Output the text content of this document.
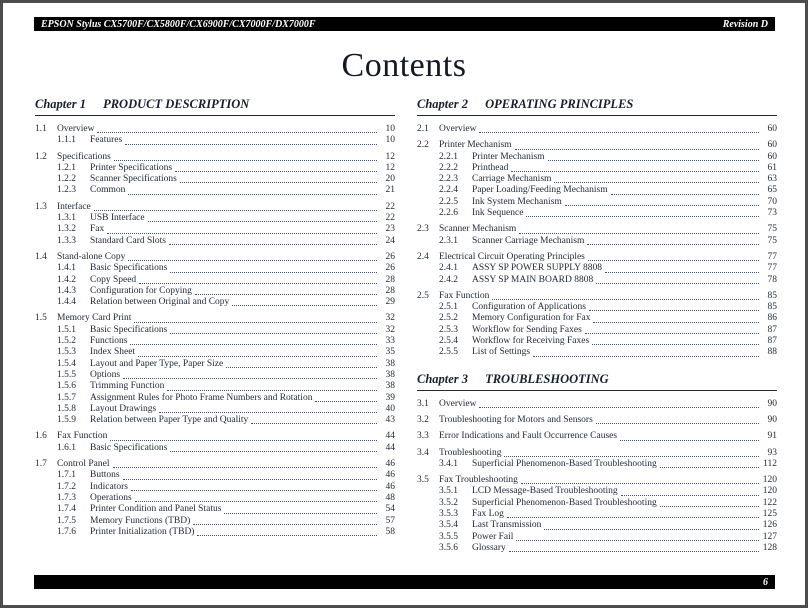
EPSON Stylus CX5700F/CX5800F/CX6900F/CX7000F/DX7000F	Revision D
Contents
Chapter 1 PRODUCT DESCRIPTION
1.1	Overview	10
1.1.1	Features	10
1.2	Specifications	12
1.2.1	Printer Specifications	12
1.2.2	Scanner Specifications	20
1.2.3	Common	21
1.3	Interface	22
1.3.1	USB Interface	22
1.3.2	Fax	23
1.3.3	Standard Card Slots	24
1.4	Stand-alone Copy	26
1.4.1	Basic Specifications	26
1.4.2	Copy Speed	28
1.4.3	Configuration for Copying	28
1.4.4	Relation between Original and Copy	29
1.5	Memory Card Print	32
1.5.1	Basic Specifications	32
1.5.2	Functions	33
1.5.3	Index Sheet	35
1.5.4	Layout and Paper Type, Paper Size	38
1.5.5	Options	38
1.5.6	Trimming Function	38
1.5.7	Assignment Rules for Photo Frame Numbers and Rotation	39
1.5.8	Layout Drawings	40
1.5.9	Relation between Paper Type and Quality	43
1.6	Fax Function	44
1.6.1	Basic Specifications	44
1.7	Control Panel	46
1.7.1	Buttons	46
1.7.2	Indicators	46
1.7.3	Operations	48
1.7.4	Printer Condition and Panel Status	54
1.7.5	Memory Functions (TBD)	57
1.7.6	Printer Initialization (TBD)	58
Chapter 2 OPERATING PRINCIPLES
2.1	Overview	60
2.2	Printer Mechanism	60
2.2.1	Printer Mechanism	60
2.2.2	Printhead	61
2.2.3	Carriage Mechanism	63
2.2.4	Paper Loading/Feeding Mechanism	65
2.2.5	Ink System Mechanism	70
2.2.6	Ink Sequence	73
2.3	Scanner Mechanism	75
2.3.1	Scanner Carriage Mechanism	75
2.4	Electrical Circuit Operating Principles	77
2.4.1	ASSY SP POWER SUPPLY 8808	77
2.4.2	ASSY SP MAIN BOARD 8808	78
2.5	Fax Function	85
2.5.1	Configuration of Applications	85
2.5.2	Memory Configuration for Fax	86
2.5.3	Workflow for Sending Faxes	87
2.5.4	Workflow for Receiving Faxes	87
2.5.5	List of Settings	88
Chapter 3 TROUBLESHOOTING
3.1	Overview	90
3.2	Troubleshooting for Motors and Sensors	90
3.3	Error Indications and Fault Occurrence Causes	91
3.4	Troubleshooting	93
3.4.1	Superficial Phenomenon-Based Troubleshooting	112
3.5	Fax Troubleshooting	120
3.5.1	LCD Message-Based Troubleshooting	120
3.5.2	Superficial Phenomenon-Based Troubleshooting	122
3.5.3	Fax Log	125
3.5.4	Last Transmission	126
3.5.5	Power Fail	127
3.5.6	Glossary	128
6
